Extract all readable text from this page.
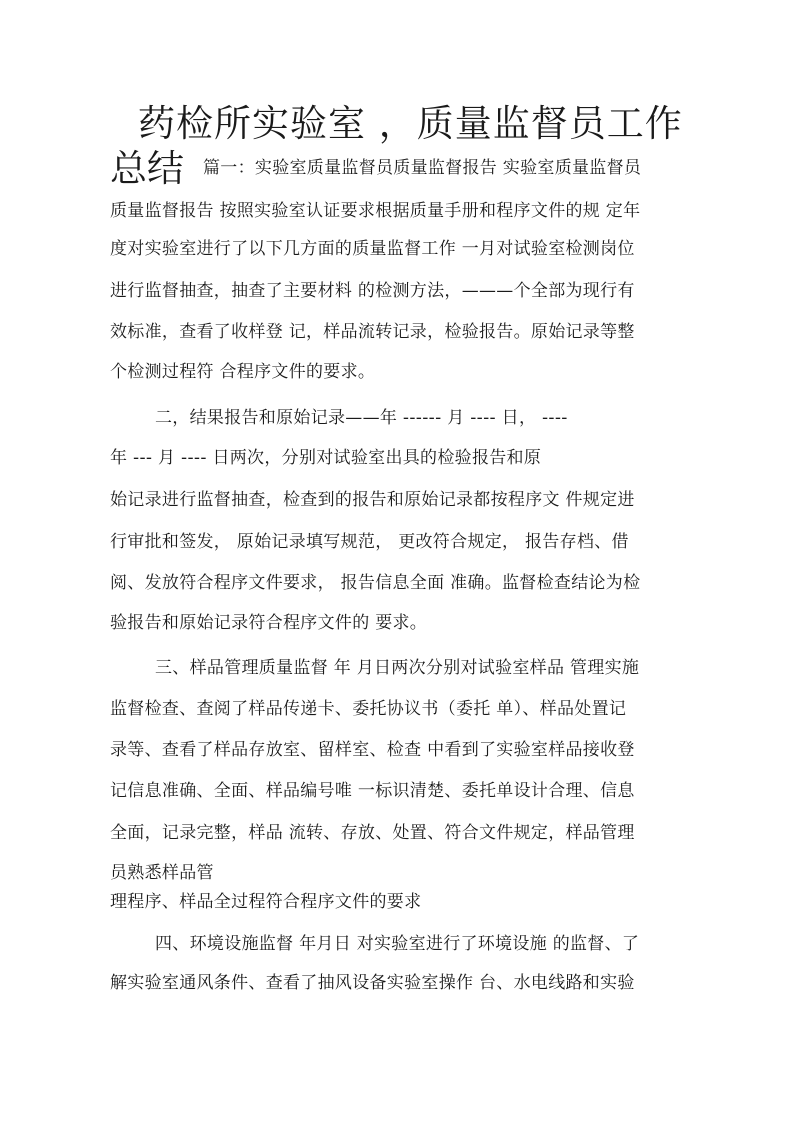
药检所实验室 ，质量监督员工作
总结 篇一：实验室质量监督员质量监督报告 实验室质量监督员
质量监督报告 按照实验室认证要求根据质量手册和程序文件的规 定年
度对实验室进行了以下几方面的质量监督工作 一月对试验室检测岗位
进行监督抽查，抽查了主要材料 的检测方法，———个全部为现行有
效标准，查看了收样登 记，样品流转记录，检验报告。原始记录等整
个检测过程符 合程序文件的要求。
二，结果报告和原始记录——年 ------ 月 ---- 日， ----
年 --- 月 ---- 日两次，分别对试验室出具的检验报告和原
始记录进行监督抽查，检查到的报告和原始记录都按程序文 件规定进
行审批和签发， 原始记录填写规范， 更改符合规定， 报告存档、借
阅、发放符合程序文件要求， 报告信息全面 准确。监督检查结论为检
验报告和原始记录符合程序文件的 要求。
三、样品管理质量监督 年 月日两次分别对试验室样品 管理实施
监督检查、查阅了样品传递卡、委托协议书（委托 单）、样品处置记
录等、查看了样品存放室、留样室、检查 中看到了实验室样品接收登
记信息准确、全面、样品编号唯 一标识清楚、委托单设计合理、信息
全面，记录完整，样品 流转、存放、处置、符合文件规定，样品管理
员熟悉样品管
理程序、样品全过程符合程序文件的要求
四、环境设施监督 年月日 对实验室进行了环境设施 的监督、了
解实验室通风条件、查看了抽风设备实验室操作 台、水电线路和实验
